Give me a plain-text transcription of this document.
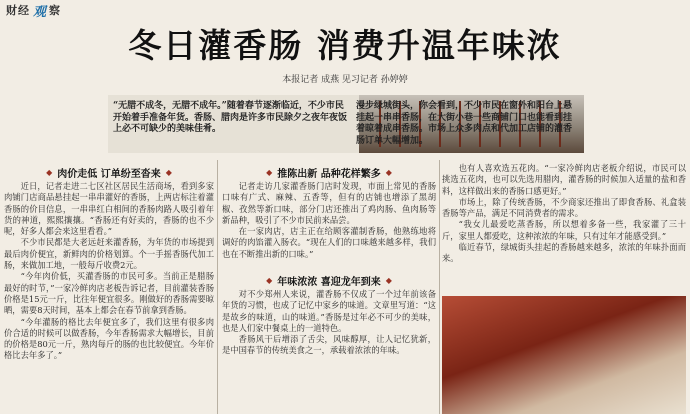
财经 观 察
冬日灌香肠 消费升温年味浓
本报记者 成燕 见习记者 孙婷婷
“无腊不成冬，无腊不成年。”随着春节逐渐临近，不少市民开始着手准备年货。香肠、腊肉是许多市民除夕之夜年夜饭上必不可缺少的美味佳肴。
漫步绿城街头，你会看到，不少市民在窗外和阳台上悬挂起一串串香肠，在大街小巷一些商铺门口也能看到挂着晾着成串香肠。市场上众多肉点和代加工店铺的灌香肠订单大幅增加。
◆ 肉价走低 订单纷至沓来 ◆

近日，记者走进二七区社区居民生活商场，看到多家肉铺门店商品悬挂起一串串灌好的香肠，上两店标注着灌香肠的价目信息，一串串红白相间的香肠肉路人吸引着年货的神道，熙熙攘攘。“香肠还有好卖的，香肠的也不少呢，好多人都会来这里看看。”

不少市民都是大老远赶来灌香肠，为年货的市场提到最后肉价便宜，新鲜肉的价格划算。个一手摇香肠代加工肠，来做加工地，一般每斤收费2元。

“今年肉价低，买灌香肠的市民可多。当前正是腊肠最好的时节，”一家冷鲜肉店老板告诉记者，目前灌装香肠价格是15元一斤，比往年便宜很多。刚做好的香肠需要晾晒，需要8天时间，基本上都会在春节前拿到香肠。

“今年灌肠的格比去年便宜多了，我们这里有很多肉价合适的时候可以做香肠，今年香肠需求大幅增长，目前的价格是80元一斤，熟肉每斤的肠的也比较便宜。今年价格比去年多了。”

◆ 推陈出新 品种花样繁多 ◆

记者走访几家灌香肠门店时发现，市面上常见的香肠口味有广式、麻辣、五香等，但有的店铺也增添了黑胡椒、孜然等新口味，部分门店还推出了鸡肉肠、鱼肉肠等新品种，吸引了不少市民前来品尝。

在一家肉店，店主正在给顾客灌制香肠，他熟练地将调好的肉馅灌入肠衣。“现在人们的口味越来越多样，我们也在不断推出新的口味。”

◆ 年味浓浓 喜迎龙年到来 ◆

对不少郑州人来说，灌香肠不仅成了一个过年前该备年货的习惯，也成了记忆中家乡的味道。文章里写道：“这是故乡的味道，山的味道。”香肠是过年必不可少的美味，也是人们家中餐桌上的一道特色。

香肠风干后增添了舌尖，风味醇厚，让人记忆犹新，是中国春节的传统美食之一，承载着浓浓的年味。

也有人喜欢选五花肉。“一家冷鲜肉店老板介绍说，市民可以挑选五花肉，也可以先选用腊肉，灌香肠的时候加入适量的盐和香料，这样做出来的香肠口感更好。”

市场上，除了传统香肠，不少商家还推出了即食香肠、礼盒装香肠等产品，满足不同消费者的需求。

“我女儿最爱吃蒸香肠，所以想着多备一些，我家灌了三十斤，家里人都爱吃，这种浓浓的年味，只有过年才能感受到。”

临近春节，绿城街头挂起的香肠越来越多，浓浓的年味扑面而来。
